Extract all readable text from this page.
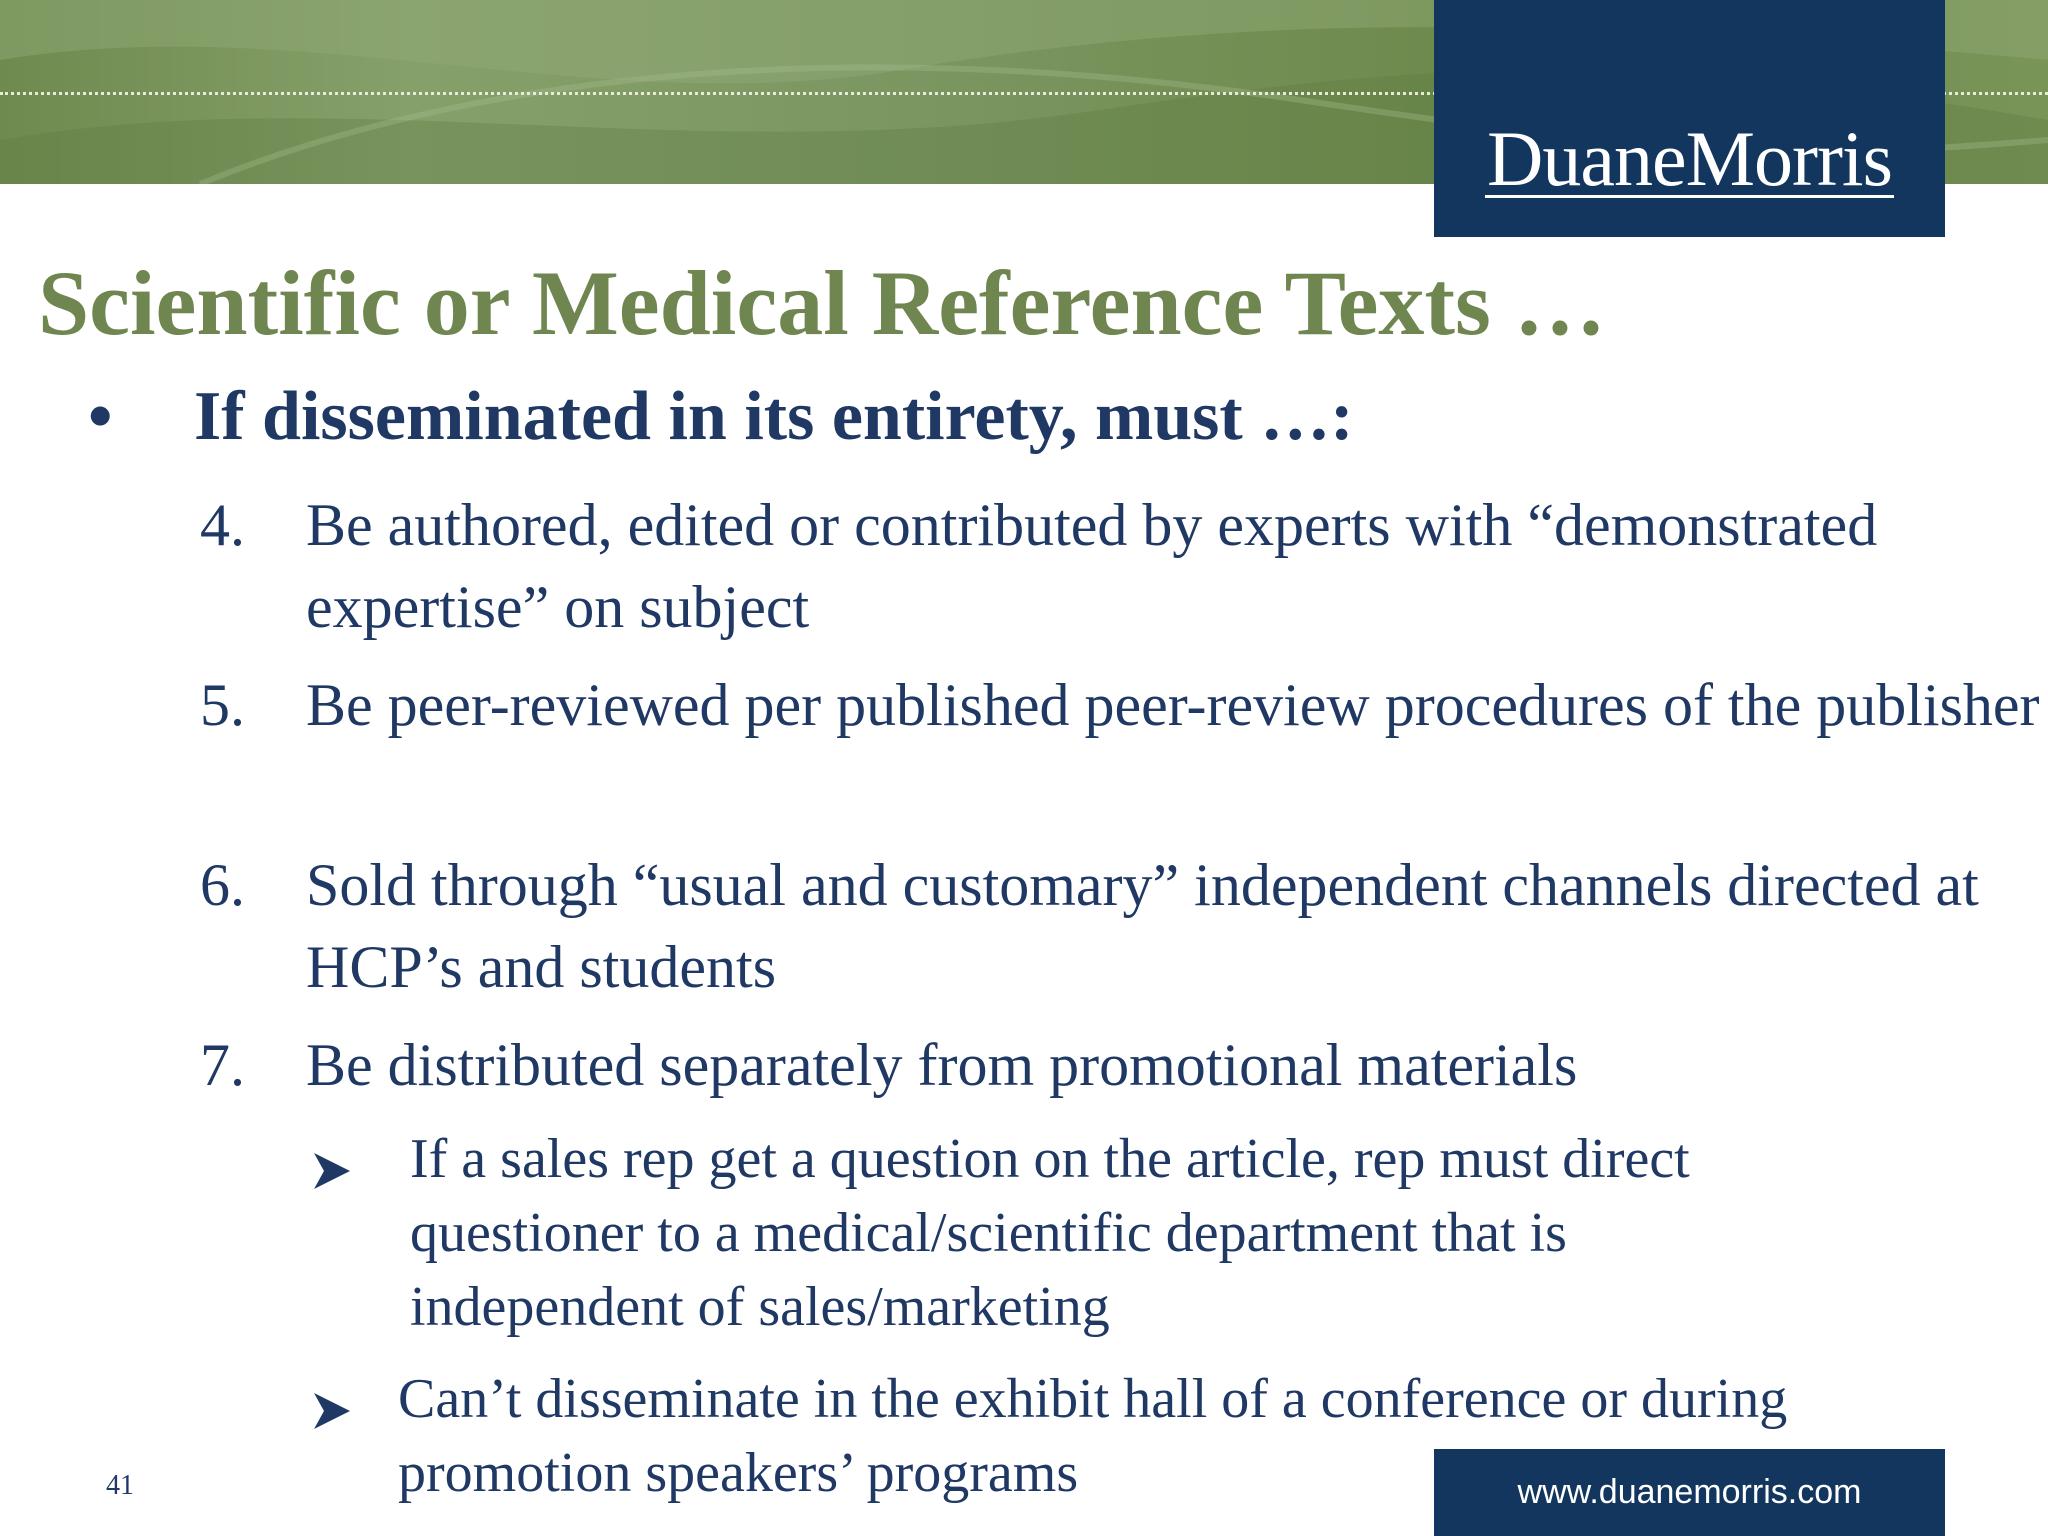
DuaneMorris
Scientific or Medical Reference Texts …
• If disseminated in its entirety, must …:
4. Be authored, edited or contributed by experts with “demonstrated expertise” on subject
5. Be peer-reviewed per published peer-review procedures of the publisher
6. Sold through “usual and customary” independent channels directed at HCP’s and students
7. Be distributed separately from promotional materials
If a sales rep get a question on the article, rep must direct questioner to a medical/scientific department that is independent of sales/marketing
Can’t disseminate in the exhibit hall of a conference or during promotion speakers’ programs
41	www.duanemorris.com
